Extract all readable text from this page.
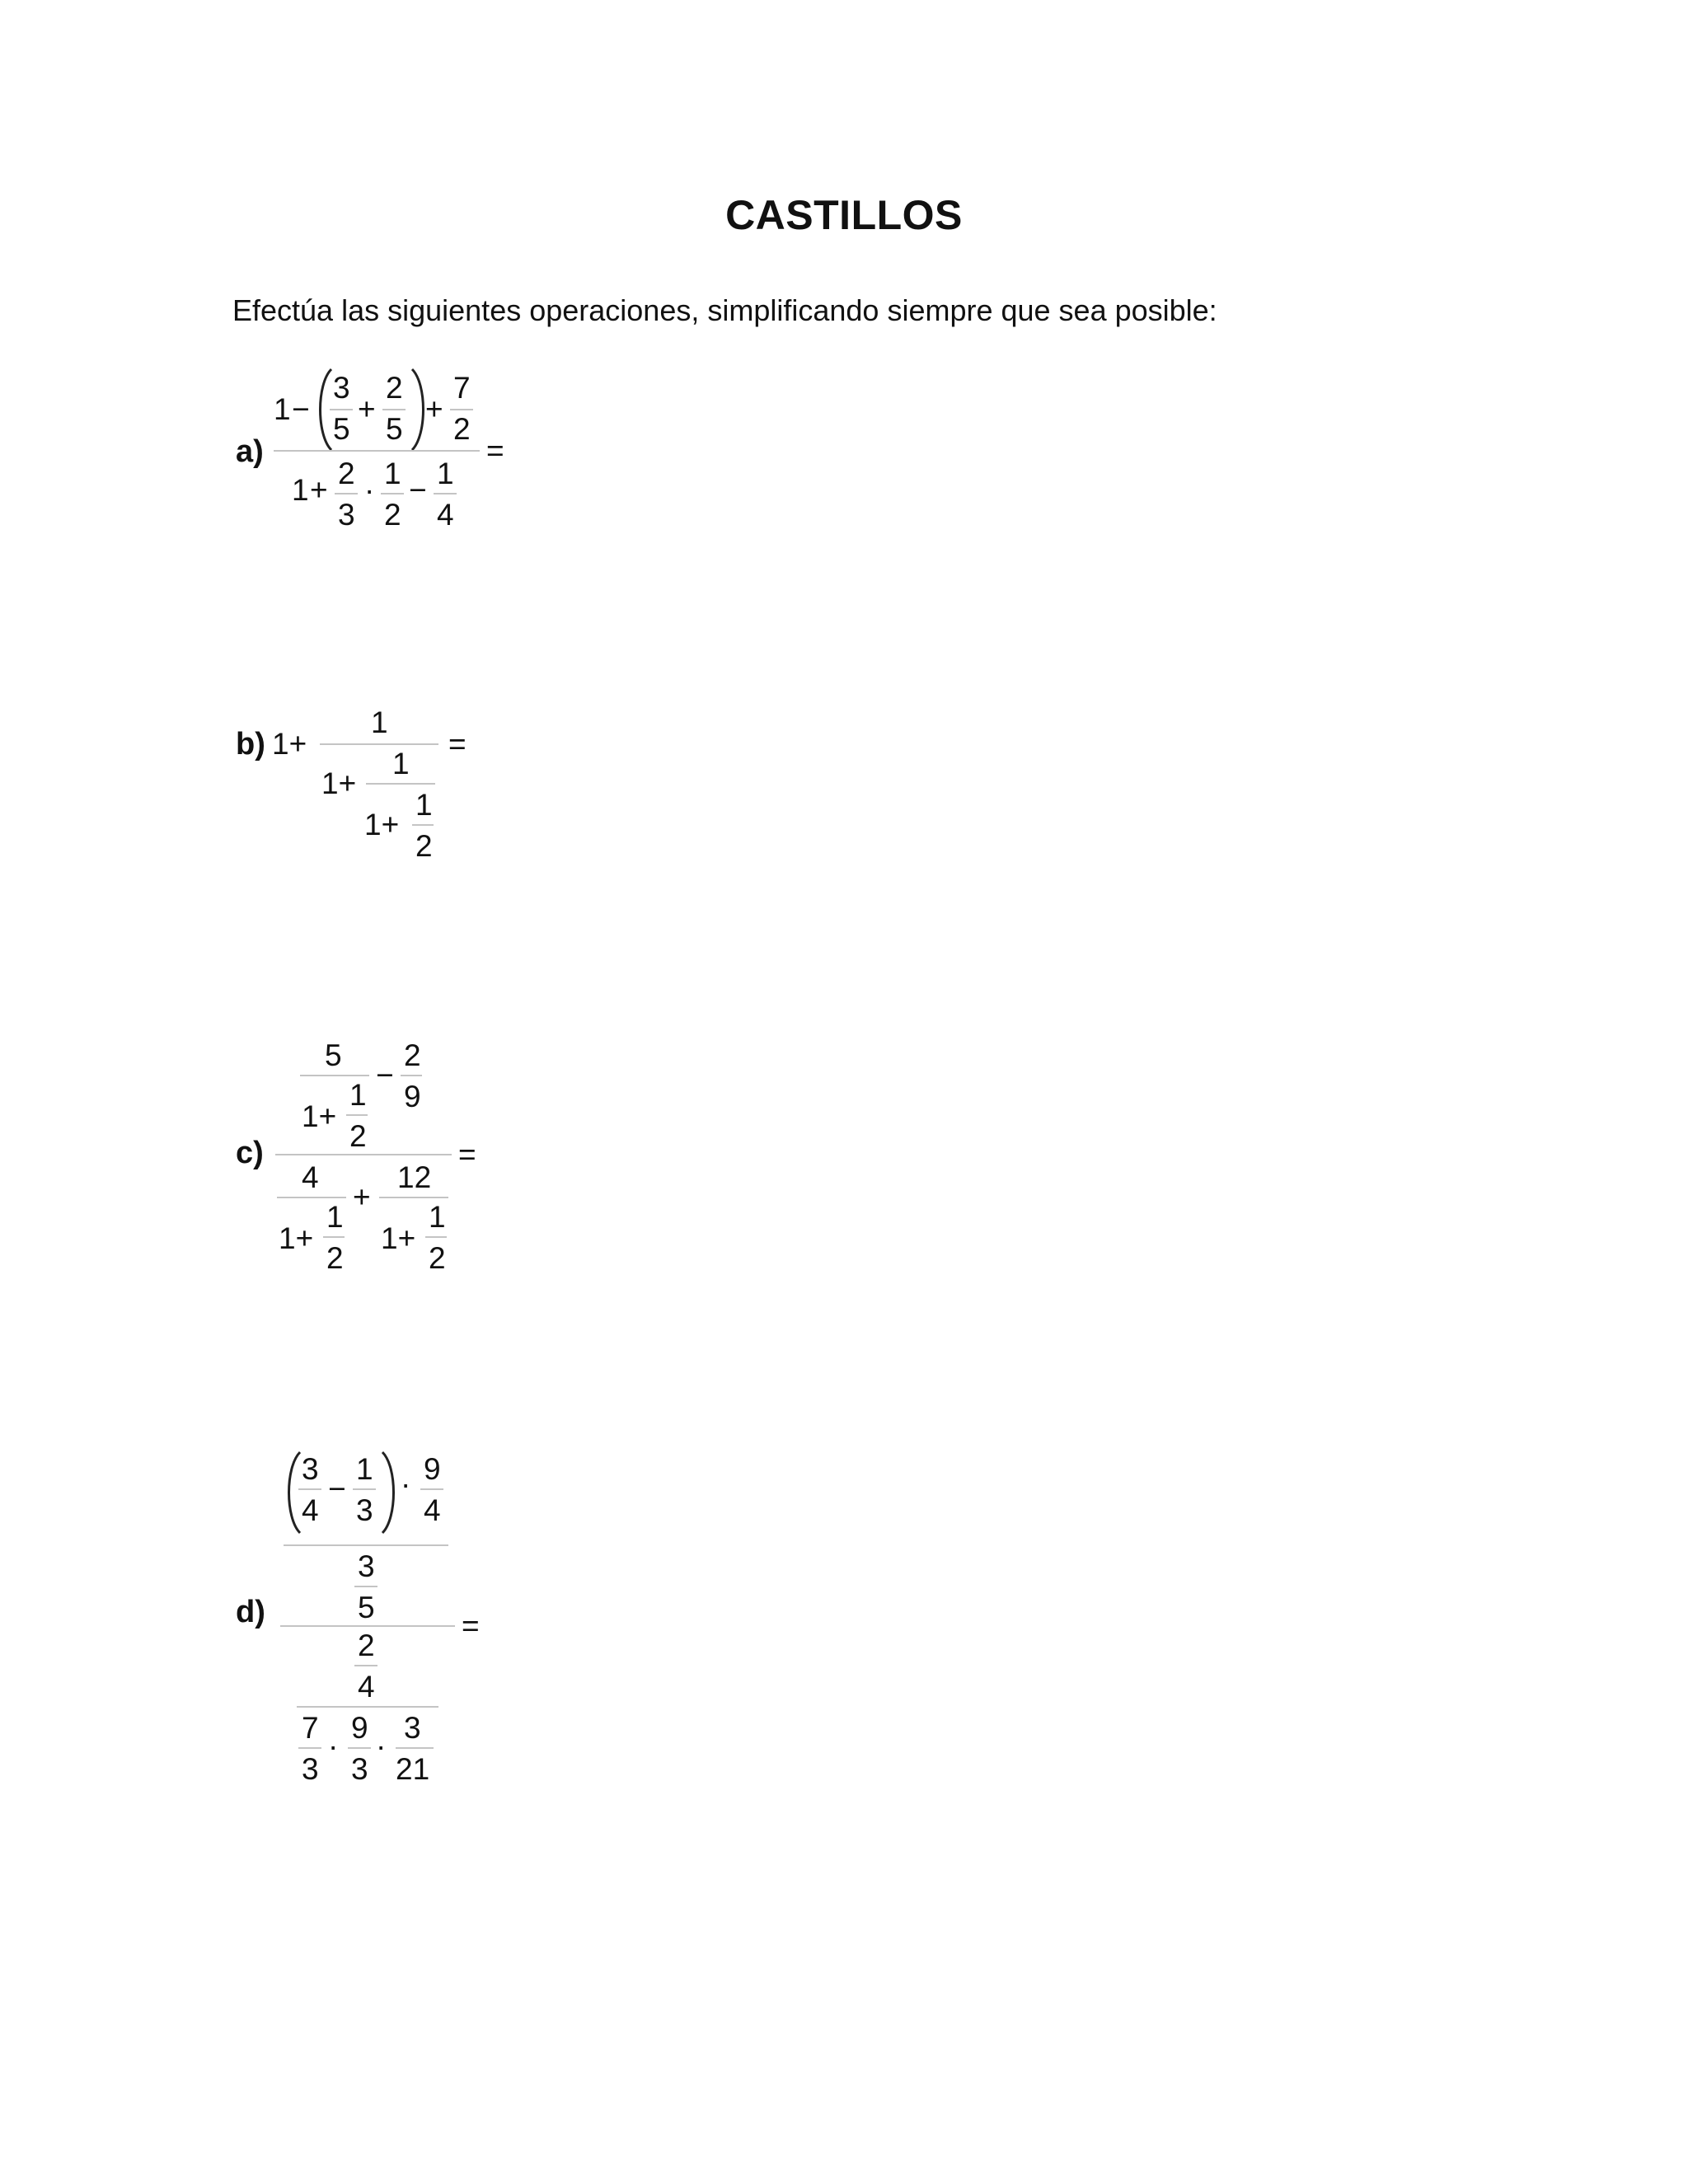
CASTILLOS
Efectúa las siguientes operaciones, simplificando siempre que sea posible:
a)
1 −
3
5
+
2
5
+
7
2
=
1 + 2
3
· 1
2
− 1
4
b) 1+
1
=
1+
1
1+
1
2
c)
5
1+
1
2
−
2
9
=
4
1+
1
2
+
12
1+
1
2
d)
3
4
−
1
3
· 9
4
3
5
=
2
4
7
3
·
9
3
·
3
21
